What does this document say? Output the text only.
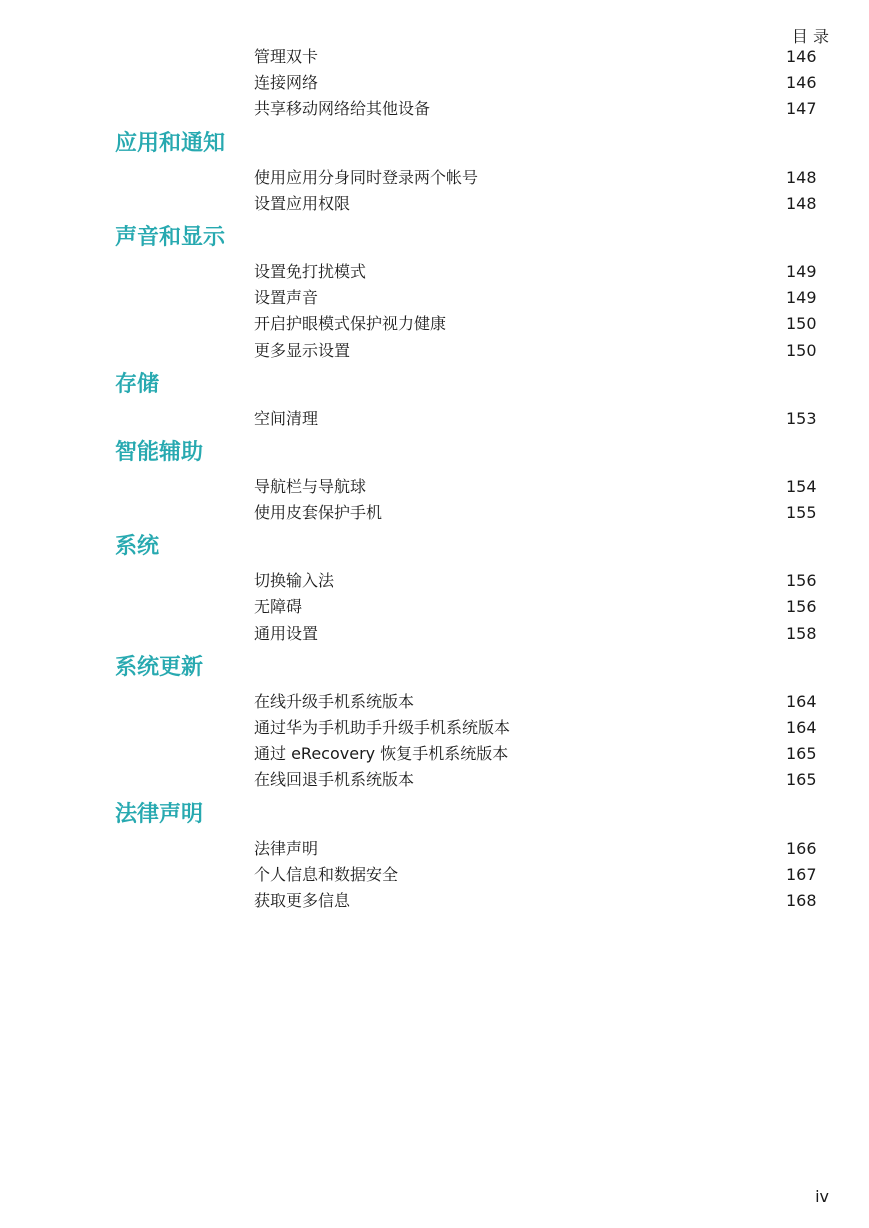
目 录
管理双卡	146
连接网络	146
共享移动网络给其他设备	147
应用和通知
使用应用分身同时登录两个帐号	148
设置应用权限	148
声音和显示
设置免打扰模式	149
设置声音	149
开启护眼模式保护视力健康	150
更多显示设置	150
存储
空间清理	153
智能辅助
导航栏与导航球	154
使用皮套保护手机	155
系统
切换输入法	156
无障碍	156
通用设置	158
系统更新
在线升级手机系统版本	164
通过华为手机助手升级手机系统版本	164
通过 eRecovery 恢复手机系统版本	165
在线回退手机系统版本	165
法律声明
法律声明	166
个人信息和数据安全	167
获取更多信息	168
iv
